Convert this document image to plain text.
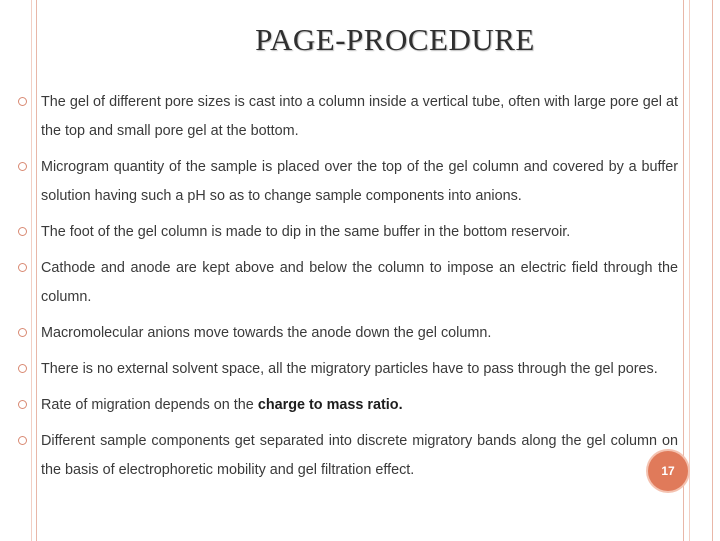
PAGE-PROCEDURE
The gel of different pore sizes is cast into a column inside a vertical tube, often with large pore gel at the top and small pore gel at the bottom.
Microgram quantity of the sample is placed over the top of the gel column and covered by a buffer solution having such a pH so as to change sample components into anions.
The foot of the gel column is made to dip in the same buffer in the bottom reservoir.
Cathode and anode are kept above and below the column to impose an electric field through the column.
Macromolecular anions move towards the anode down the gel column.
There is no external solvent space, all the migratory particles have to pass through the gel pores.
Rate of migration depends on the charge to mass ratio.
Different sample components get separated into discrete migratory bands along the gel column on the basis of electrophoretic mobility and gel filtration effect.	17
